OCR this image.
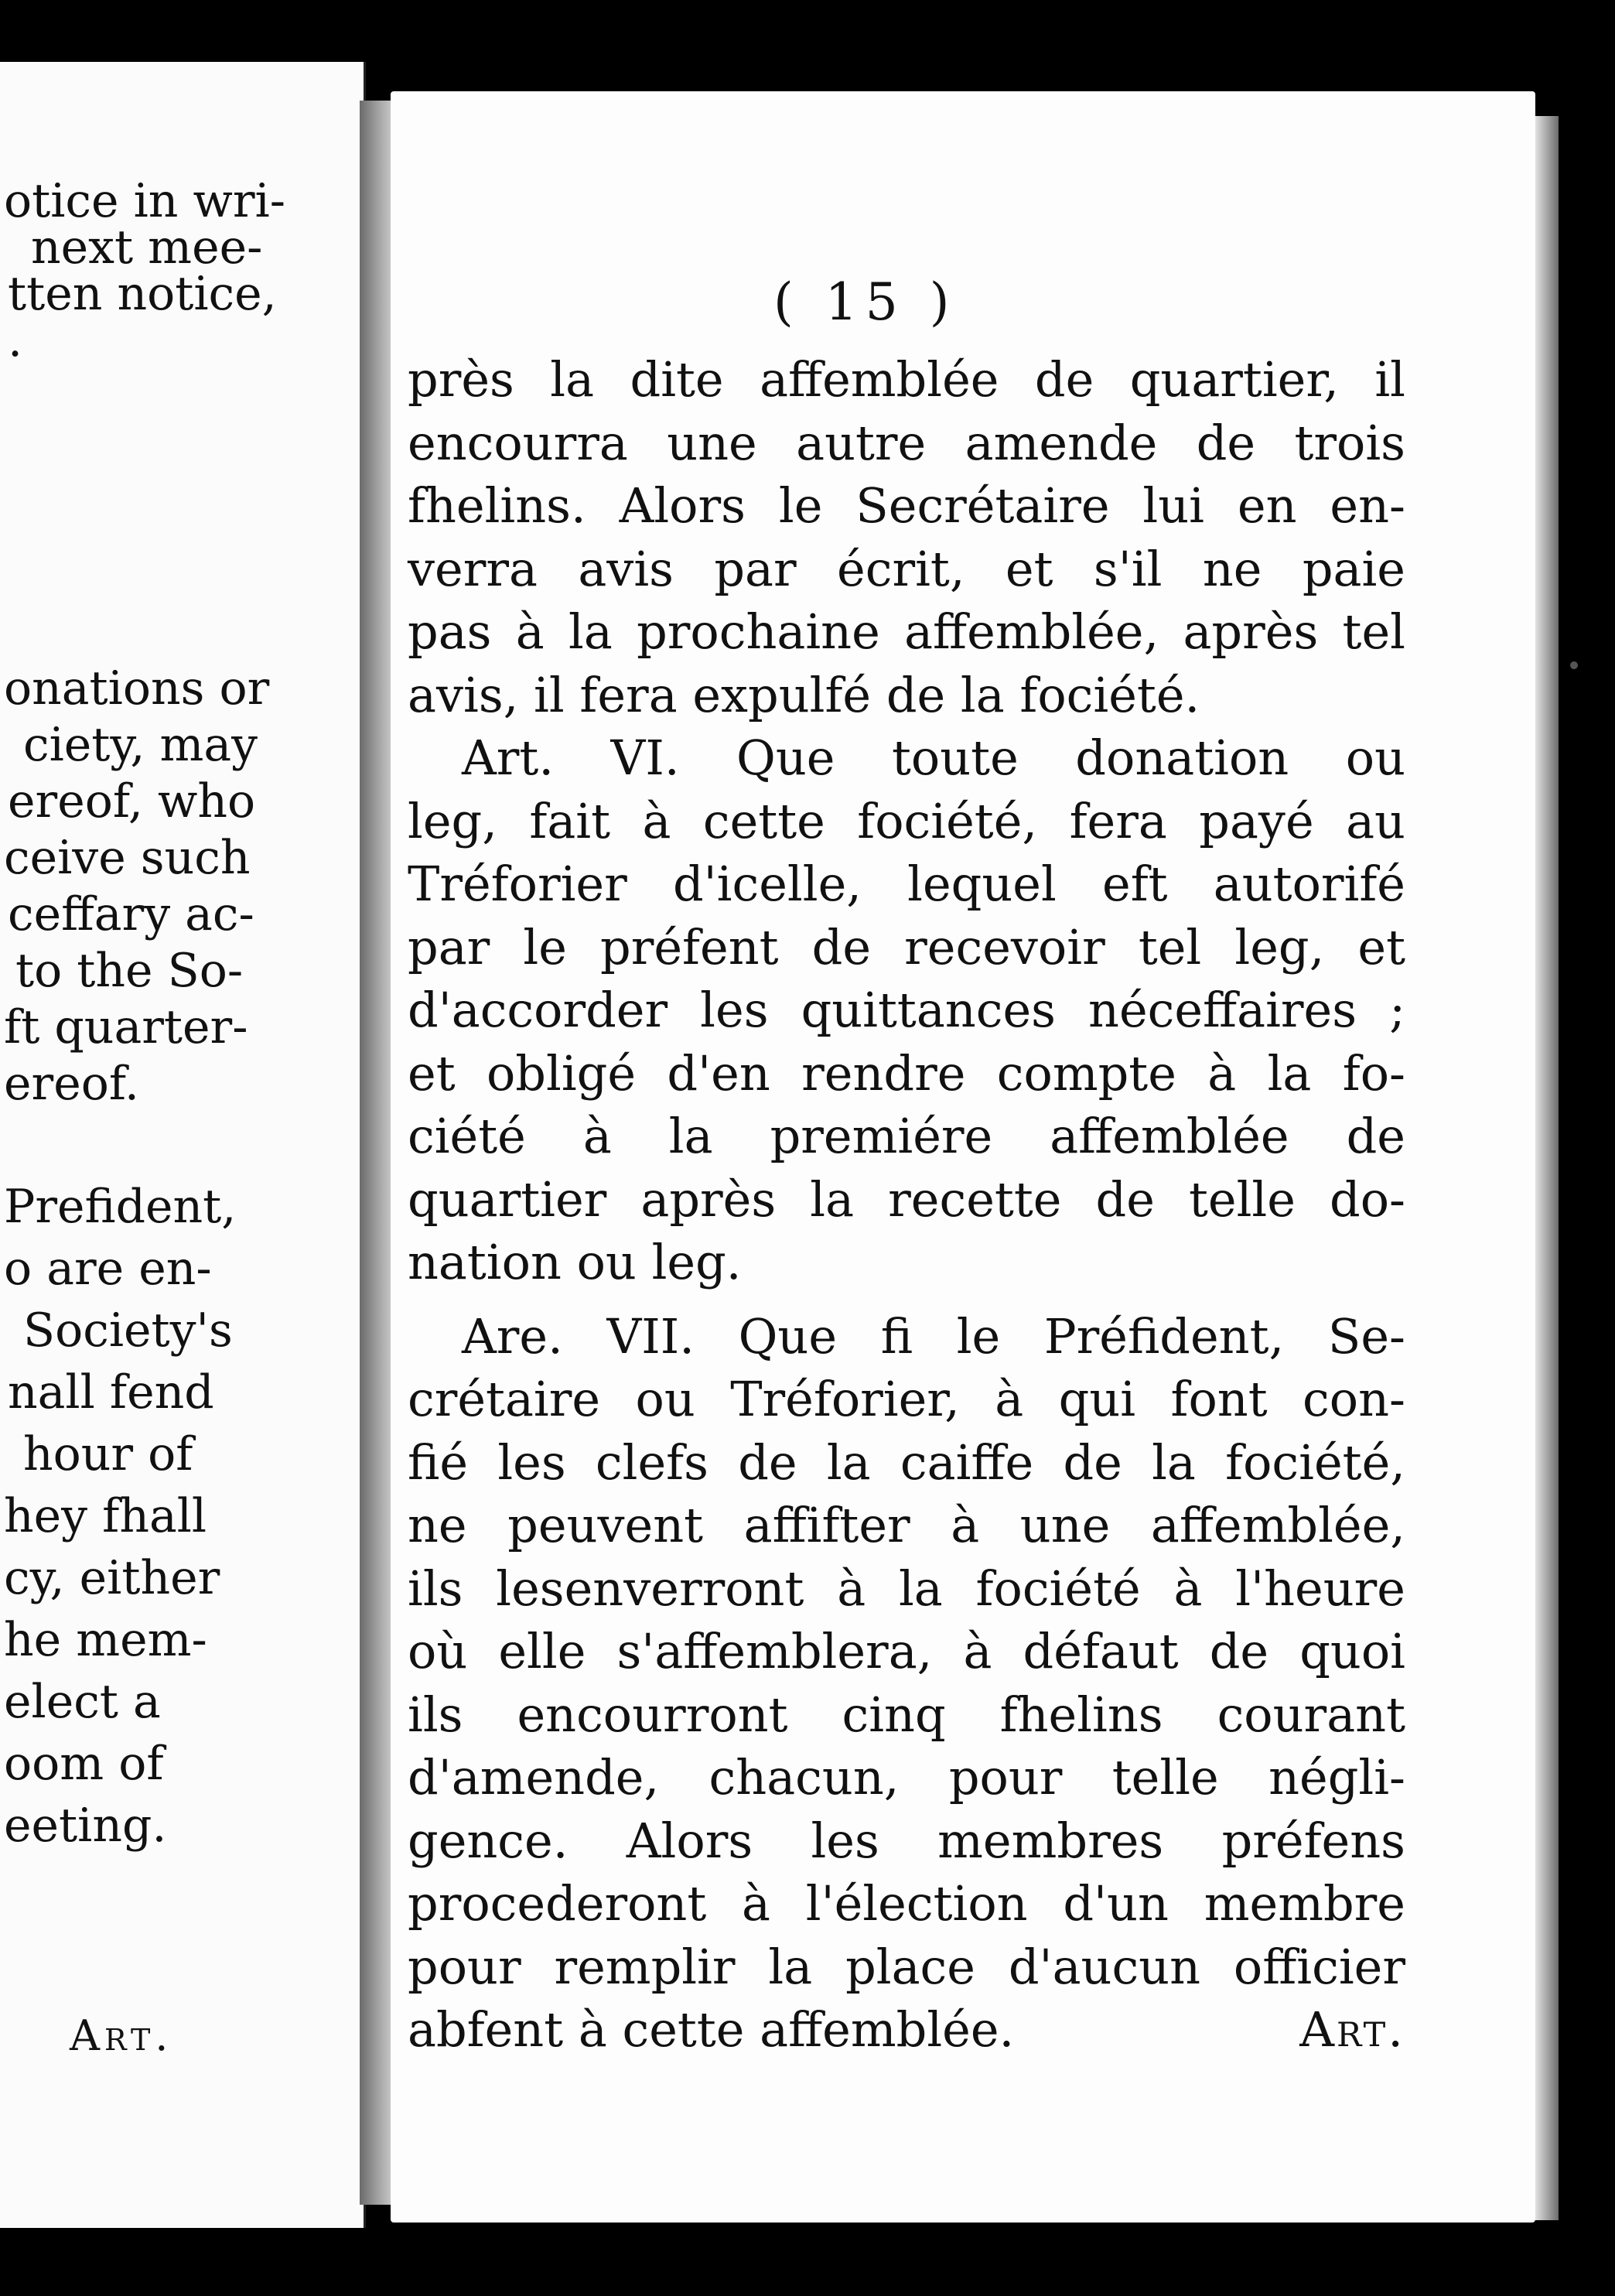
otice in wri-
next mee-
tten notice,
.
onations or
ciety, may
ereof, who
ceive such
ceffary ac-
to the So-
ft quarter-
ereof.
Prefident,
o are en-
Society's
nall fend
hour of
hey fhall
cy, either
he mem-
elect a
oom of
eeting.
Art.
( 15 )
près la dite affemblée de quartier, il
encourra une autre amende de trois
fhelins. Alors le Secrétaire lui en en-
verra avis par écrit, et s'il ne paie
pas à la prochaine affemblée, après tel
avis, il fera expulfé de la fociété.
Art. VI. Que toute donation ou
leg, fait à cette fociété, fera payé au
Tréforier d'icelle, lequel eft autorifé
par le préfent de recevoir tel leg, et
d'accorder les quittances néceffaires ;
et obligé d'en rendre compte à la fo-
ciété à la premiére affemblée de
quartier après la recette de telle do-
nation ou leg.
Are. VII. Que fi le Préfident, Se-
crétaire ou Tréforier, à qui font con-
fié les clefs de la caiffe de la fociété,
ne peuvent affifter à une affemblée,
ils lesenverront à la fociété à l'heure
où elle s'affemblera, à défaut de quoi
ils encourront cinq fhelins courant
d'amende, chacun, pour telle négli-
gence. Alors les membres préfens
procederont à l'élection d'un membre
pour remplir la place d'aucun officier
abfent à cette affemblée.	Art.
